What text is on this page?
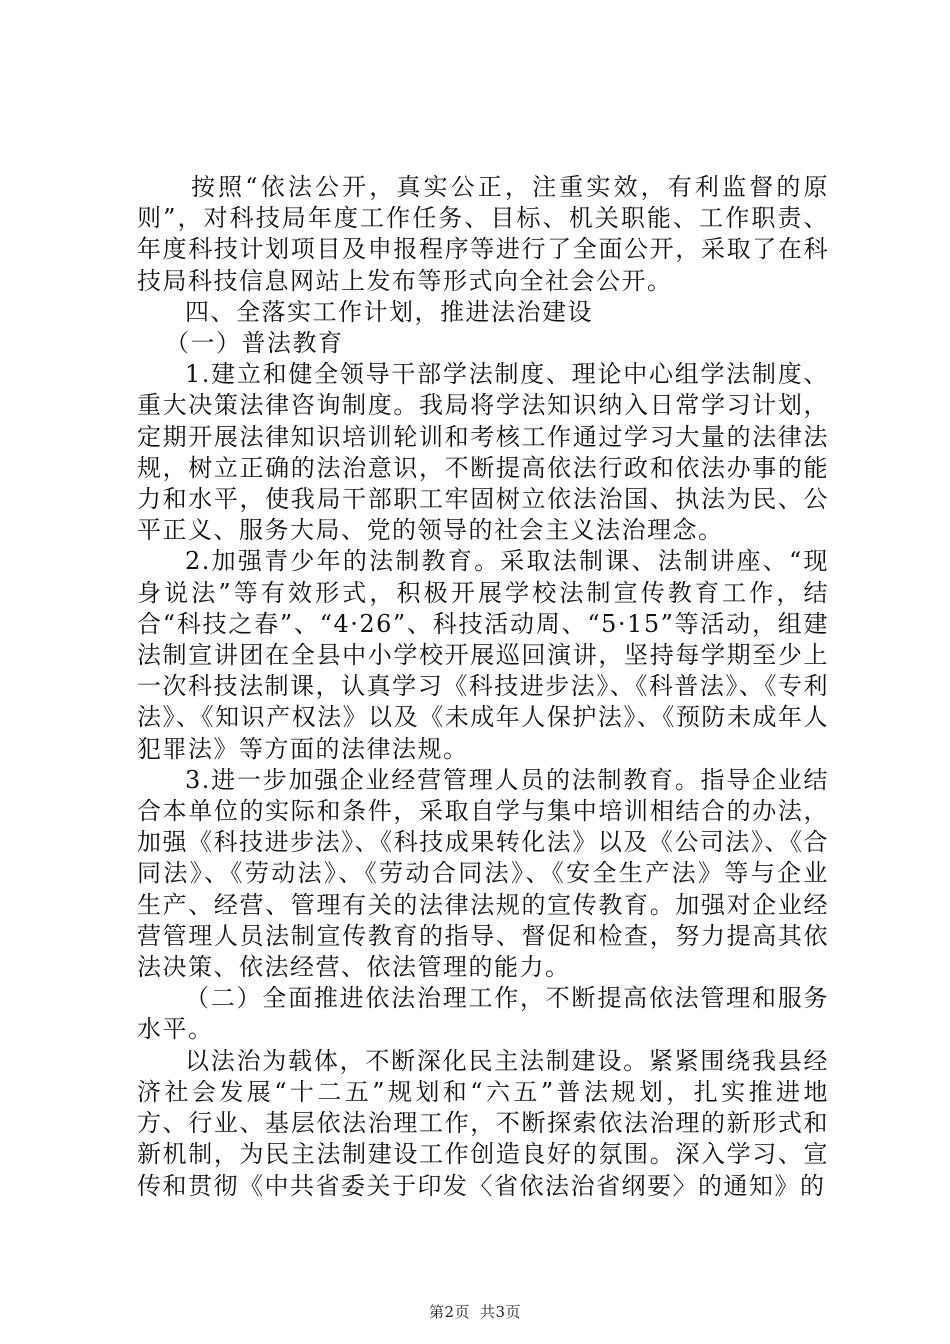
按照“依法公开，真实公正，注重实效，有利监督的原则”，对科技局年度工作任务、目标、机关职能、工作职责、年度科技计划项目及申报程序等进行了全面公开，采取了在科技局科技信息网站上发布等形式向全社会公开。

四、全落实工作计划，推进法治建设

（一）普法教育

1.建立和健全领导干部学法制度、理论中心组学法制度、重大决策法律咨询制度。我局将学法知识纳入日常学习计划，定期开展法律知识培训轮训和考核工作通过学习大量的法律法规，树立正确的法治意识，不断提高依法行政和依法办事的能力和水平，使我局干部职工牢固树立依法治国、执法为民、公平正义、服务大局、党的领导的社会主义法治理念。

2.加强青少年的法制教育。采取法制课、法制讲座、“现身说法”等有效形式，积极开展学校法制宣传教育工作，结合“科技之春”、“4·26”、科技活动周、“5·15”等活动，组建法制宣讲团在全县中小学校开展巡回演讲，坚持每学期至少上一次科技法制课，认真学习《科技进步法》、《科普法》、《专利法》、《知识产权法》以及《未成年人保护法》、《预防未成年人犯罪法》等方面的法律法规。

3.进一步加强企业经营管理人员的法制教育。指导企业结合本单位的实际和条件，采取自学与集中培训相结合的办法，加强《科技进步法》、《科技成果转化法》以及《公司法》、《合同法》、《劳动法》、《劳动合同法》、《安全生产法》等与企业生产、经营、管理有关的法律法规的宣传教育。加强对企业经营管理人员法制宣传教育的指导、督促和检查，努力提高其依法决策、依法经营、依法管理的能力。

（二）全面推进依法治理工作，不断提高依法管理和服务水平。

以法治为载体，不断深化民主法制建设。紧紧围绕我县经济社会发展“十二五”规划和“六五”普法规划，扎实推进地方、行业、基层依法治理工作，不断探索依法治理的新形式和新机制，为民主法制建设工作创造良好的氛围。深入学习、宣传和贯彻《中共省委关于印发〈省依法治省纲要〉的通知》的

第2页 共3页
